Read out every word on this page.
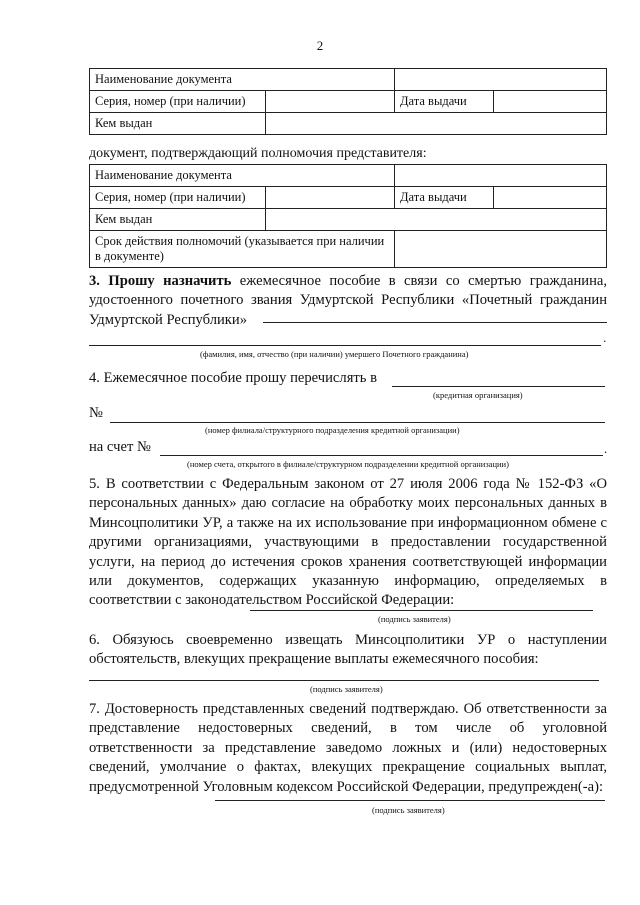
2
Наименование документа			
Серия, номер (при наличии)		Дата выдачи	
Кем выдан			
документ, подтверждающий полномочия представителя:
Наименование документа			
Серия, номер (при наличии)		Дата выдачи	
Кем выдан			
Срок действия полномочий (указывается при наличии в документе)			
3. Прошу назначить ежемесячное пособие в связи со смертью гражданина, удостоенного почетного звания Удмуртской Республики «Почетный гражданин Удмуртской Республики»
.
(фамилия, имя, отчество (при наличии) умершего Почетного гражданина)
4. Ежемесячное пособие прошу перечислять в
(кредитная организация)
№
(номер филиала/структурного подразделения кредитной организации)
на счет №	.
(номер счета, открытого в филиале/структурном подразделении кредитной организации)
5. В соответствии с Федеральным законом от 27 июля 2006 года № 152-ФЗ «О персональных данных» даю согласие на обработку моих персональных данных в Минсоцполитики УР, а также на их использование при информационном обмене с другими организациями, участвующими в предоставлении государственной услуги, на период до истечения сроков хранения соответствующей информации или документов, содержащих указанную информацию, определяемых в соответствии с законодательством Российской Федерации:
(подпись заявителя)
6. Обязуюсь своевременно извещать Минсоцполитики УР о наступлении обстоятельств, влекущих прекращение выплаты ежемесячного пособия:
(подпись заявителя)
7. Достоверность представленных сведений подтверждаю. Об ответственности за представление недостоверных сведений, в том числе об уголовной ответственности за представление заведомо ложных и (или) недостоверных сведений, умолчание о фактах, влекущих прекращение социальных выплат, предусмотренной Уголовным кодексом Российской Федерации, предупрежден(-а):
(подпись заявителя)
